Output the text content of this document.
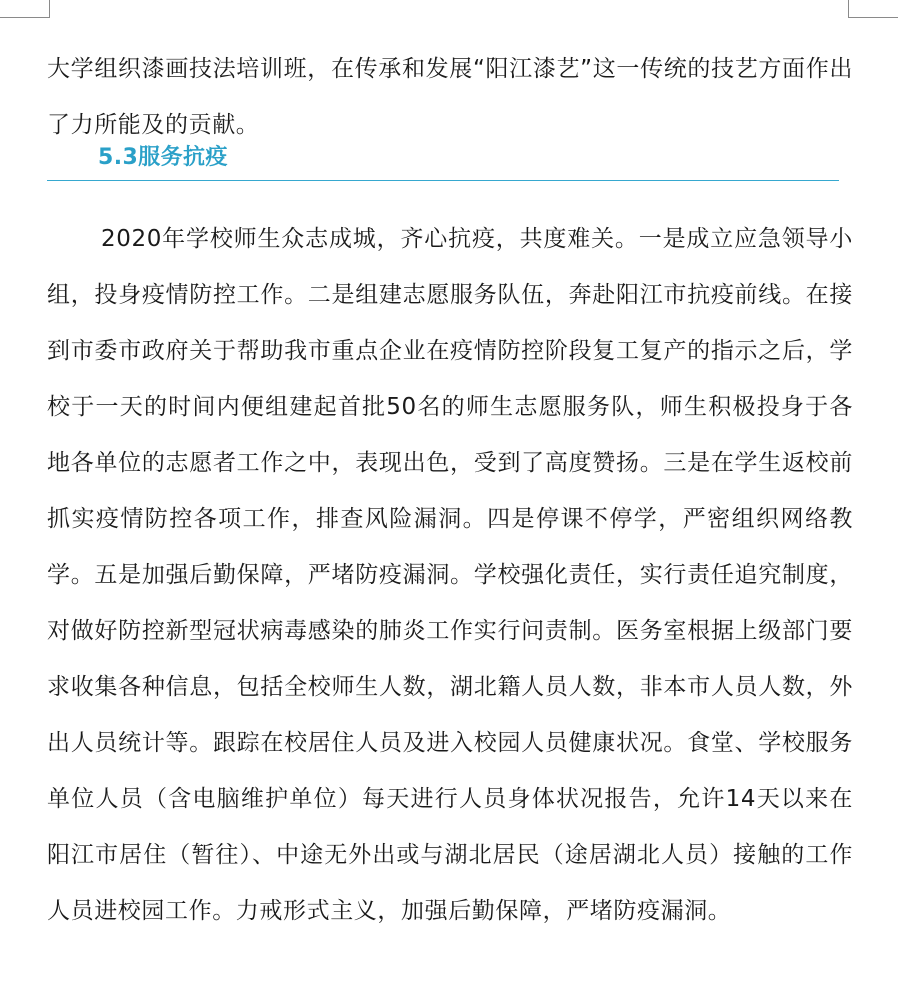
大学组织漆画技法培训班，在传承和发展“阳江漆艺”这一传统的技艺方面作出了力所能及的贡献。

5.3服务抗疫

2020年学校师生众志成城，齐心抗疫，共度难关。一是成立应急领导小组，投身疫情防控工作。二是组建志愿服务队伍，奔赴阳江市抗疫前线。在接到市委市政府关于帮助我市重点企业在疫情防控阶段复工复产的指示之后，学校于一天的时间内便组建起首批50名的师生志愿服务队，师生积极投身于各地各单位的志愿者工作之中，表现出色，受到了高度赞扬。三是在学生返校前抓实疫情防控各项工作，排查风险漏洞。四是停课不停学，严密组织网络教学。五是加强后勤保障，严堵防疫漏洞。学校强化责任，实行责任追究制度，对做好防控新型冠状病毒感染的肺炎工作实行问责制。医务室根据上级部门要求收集各种信息，包括全校师生人数，湖北籍人员人数，非本市人员人数，外出人员统计等。跟踪在校居住人员及进入校园人员健康状况。食堂、学校服务单位人员（含电脑维护单位）每天进行人员身体状况报告，允许14天以来在阳江市居住（暂往）、中途无外出或与湖北居民（途居湖北人员）接触的工作人员进校园工作。力戒形式主义，加强后勤保障，严堵防疫漏洞。
